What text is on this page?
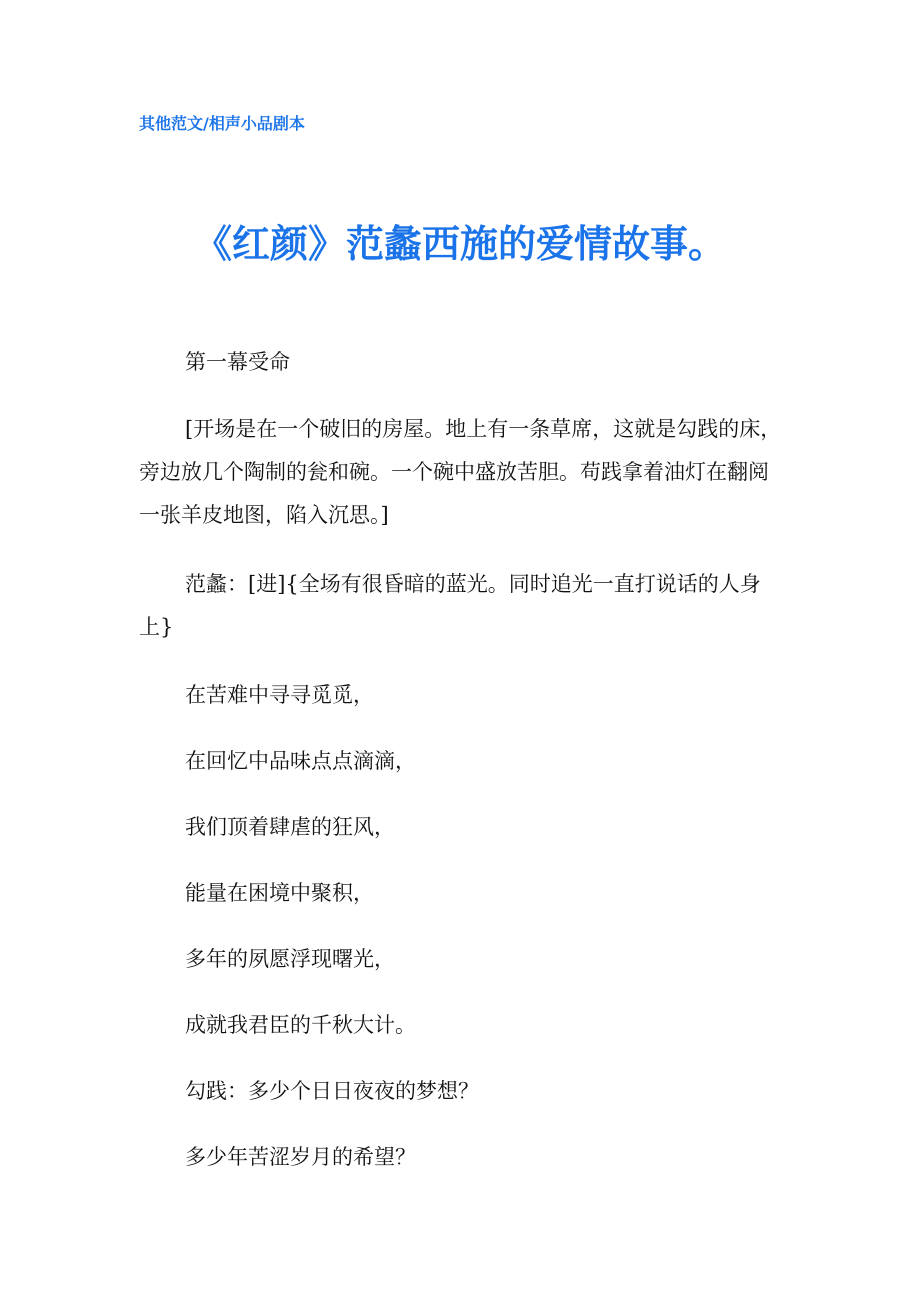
其他范文/相声小品剧本
《红颜》范蠡西施的爱情故事。

第一幕受命

[开场是在一个破旧的房屋。地上有一条草席，这就是勾践的床，旁边放几个陶制的瓮和碗。一个碗中盛放苦胆。苟践拿着油灯在翻阅一张羊皮地图，陷入沉思。]

范蠡：[进]{全场有很昏暗的蓝光。同时追光一直打说话的人身上}

在苦难中寻寻觅觅，

在回忆中品味点点滴滴，

我们顶着肆虐的狂风，

能量在困境中聚积，

多年的夙愿浮现曙光，

成就我君臣的千秋大计。

勾践：多少个日日夜夜的梦想？

多少年苦涩岁月的希望？
